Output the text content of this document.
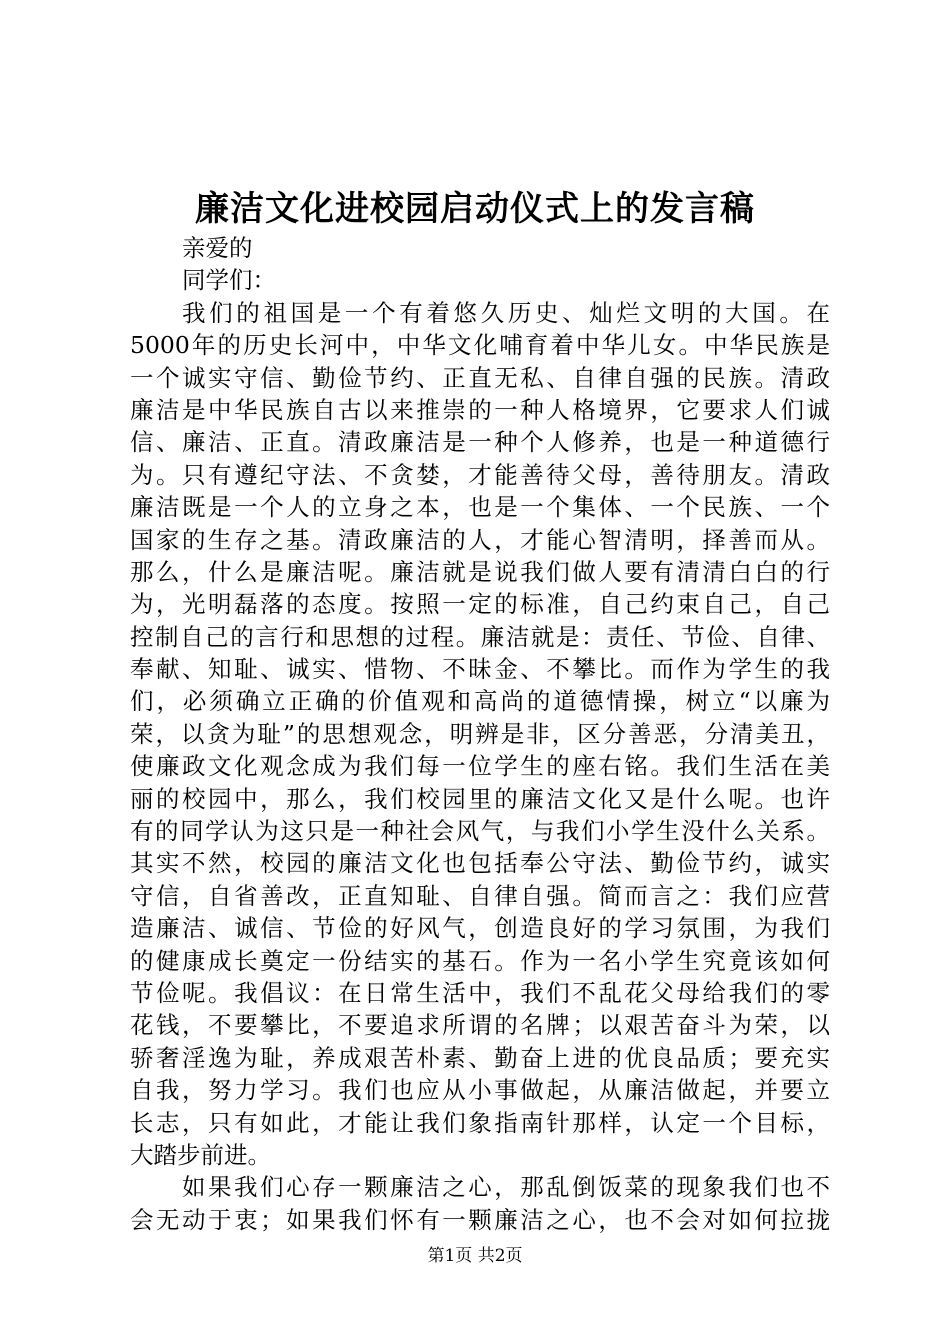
廉洁文化进校园启动仪式上的发言稿
亲爱的
同学们：
我们的祖国是一个有着悠久历史、灿烂文明的大国。在
5000年的历史长河中，中华文化哺育着中华儿女。中华民族是
一个诚实守信、勤俭节约、正直无私、自律自强的民族。清政
廉洁是中华民族自古以来推崇的一种人格境界，它要求人们诚
信、廉洁、正直。清政廉洁是一种个人修养，也是一种道德行
为。只有遵纪守法、不贪婪，才能善待父母，善待朋友。清政
廉洁既是一个人的立身之本，也是一个集体、一个民族、一个
国家的生存之基。清政廉洁的人，才能心智清明，择善而从。
那么，什么是廉洁呢。廉洁就是说我们做人要有清清白白的行
为，光明磊落的态度。按照一定的标准，自己约束自己，自己
控制自己的言行和思想的过程。廉洁就是：责任、节俭、自律、
奉献、知耻、诚实、惜物、不昧金、不攀比。而作为学生的我
们，必须确立正确的价值观和高尚的道德情操，树立“以廉为
荣，以贪为耻”的思想观念，明辨是非，区分善恶，分清美丑，
使廉政文化观念成为我们每一位学生的座右铭。我们生活在美
丽的校园中，那么，我们校园里的廉洁文化又是什么呢。也许
有的同学认为这只是一种社会风气，与我们小学生没什么关系。
其实不然，校园的廉洁文化也包括奉公守法、勤俭节约，诚实
守信，自省善改，正直知耻、自律自强。简而言之：我们应营
造廉洁、诚信、节俭的好风气，创造良好的学习氛围，为我们
的健康成长奠定一份结实的基石。作为一名小学生究竟该如何
节俭呢。我倡议：在日常生活中，我们不乱花父母给我们的零
花钱，不要攀比，不要追求所谓的名牌；以艰苦奋斗为荣，以
骄奢淫逸为耻，养成艰苦朴素、勤奋上进的优良品质；要充实
自我，努力学习。我们也应从小事做起，从廉洁做起，并要立
长志，只有如此，才能让我们象指南针那样，认定一个目标，
大踏步前进。
如果我们心存一颗廉洁之心，那乱倒饭菜的现象我们也不
会无动于衷；如果我们怀有一颗廉洁之心，也不会对如何拉拢
第1页 共2页
